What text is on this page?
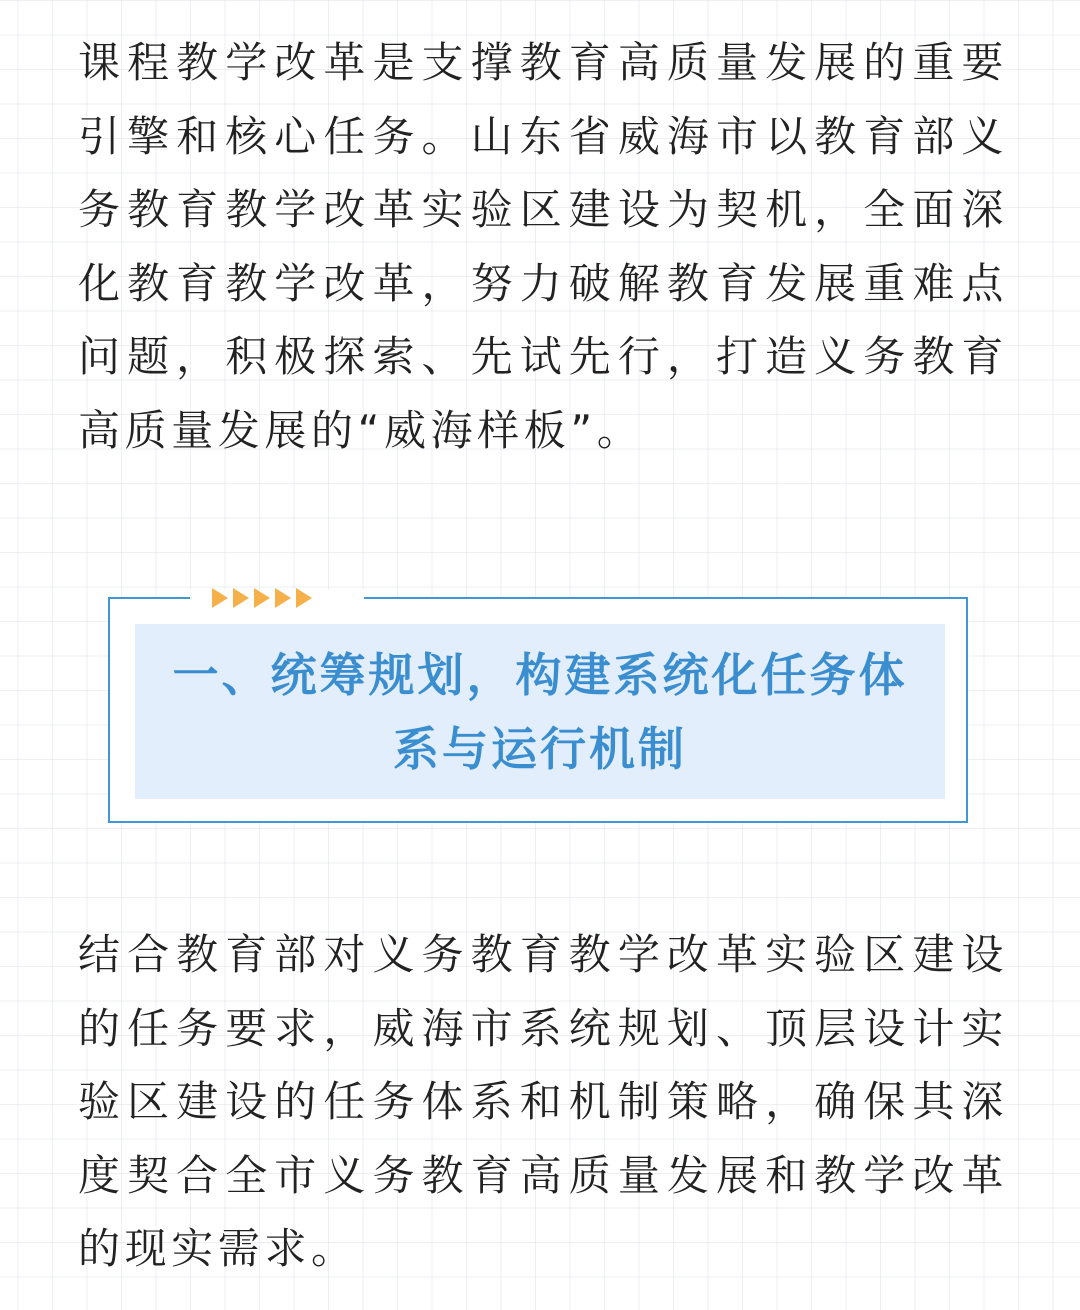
课程教学改革是支撑教育高质量发展的重要引擎和核心任务。山东省威海市以教育部义务教育教学改革实验区建设为契机，全面深化教育教学改革，努力破解教育发展重难点问题，积极探索、先试先行，打造义务教育高质量发展的“威海样板”。

一、统筹规划，构建系统化任务体系与运行机制

结合教育部对义务教育教学改革实验区建设的任务要求，威海市系统规划、顶层设计实验区建设的任务体系和机制策略，确保其深度契合全市义务教育高质量发展和教学改革的现实需求。
